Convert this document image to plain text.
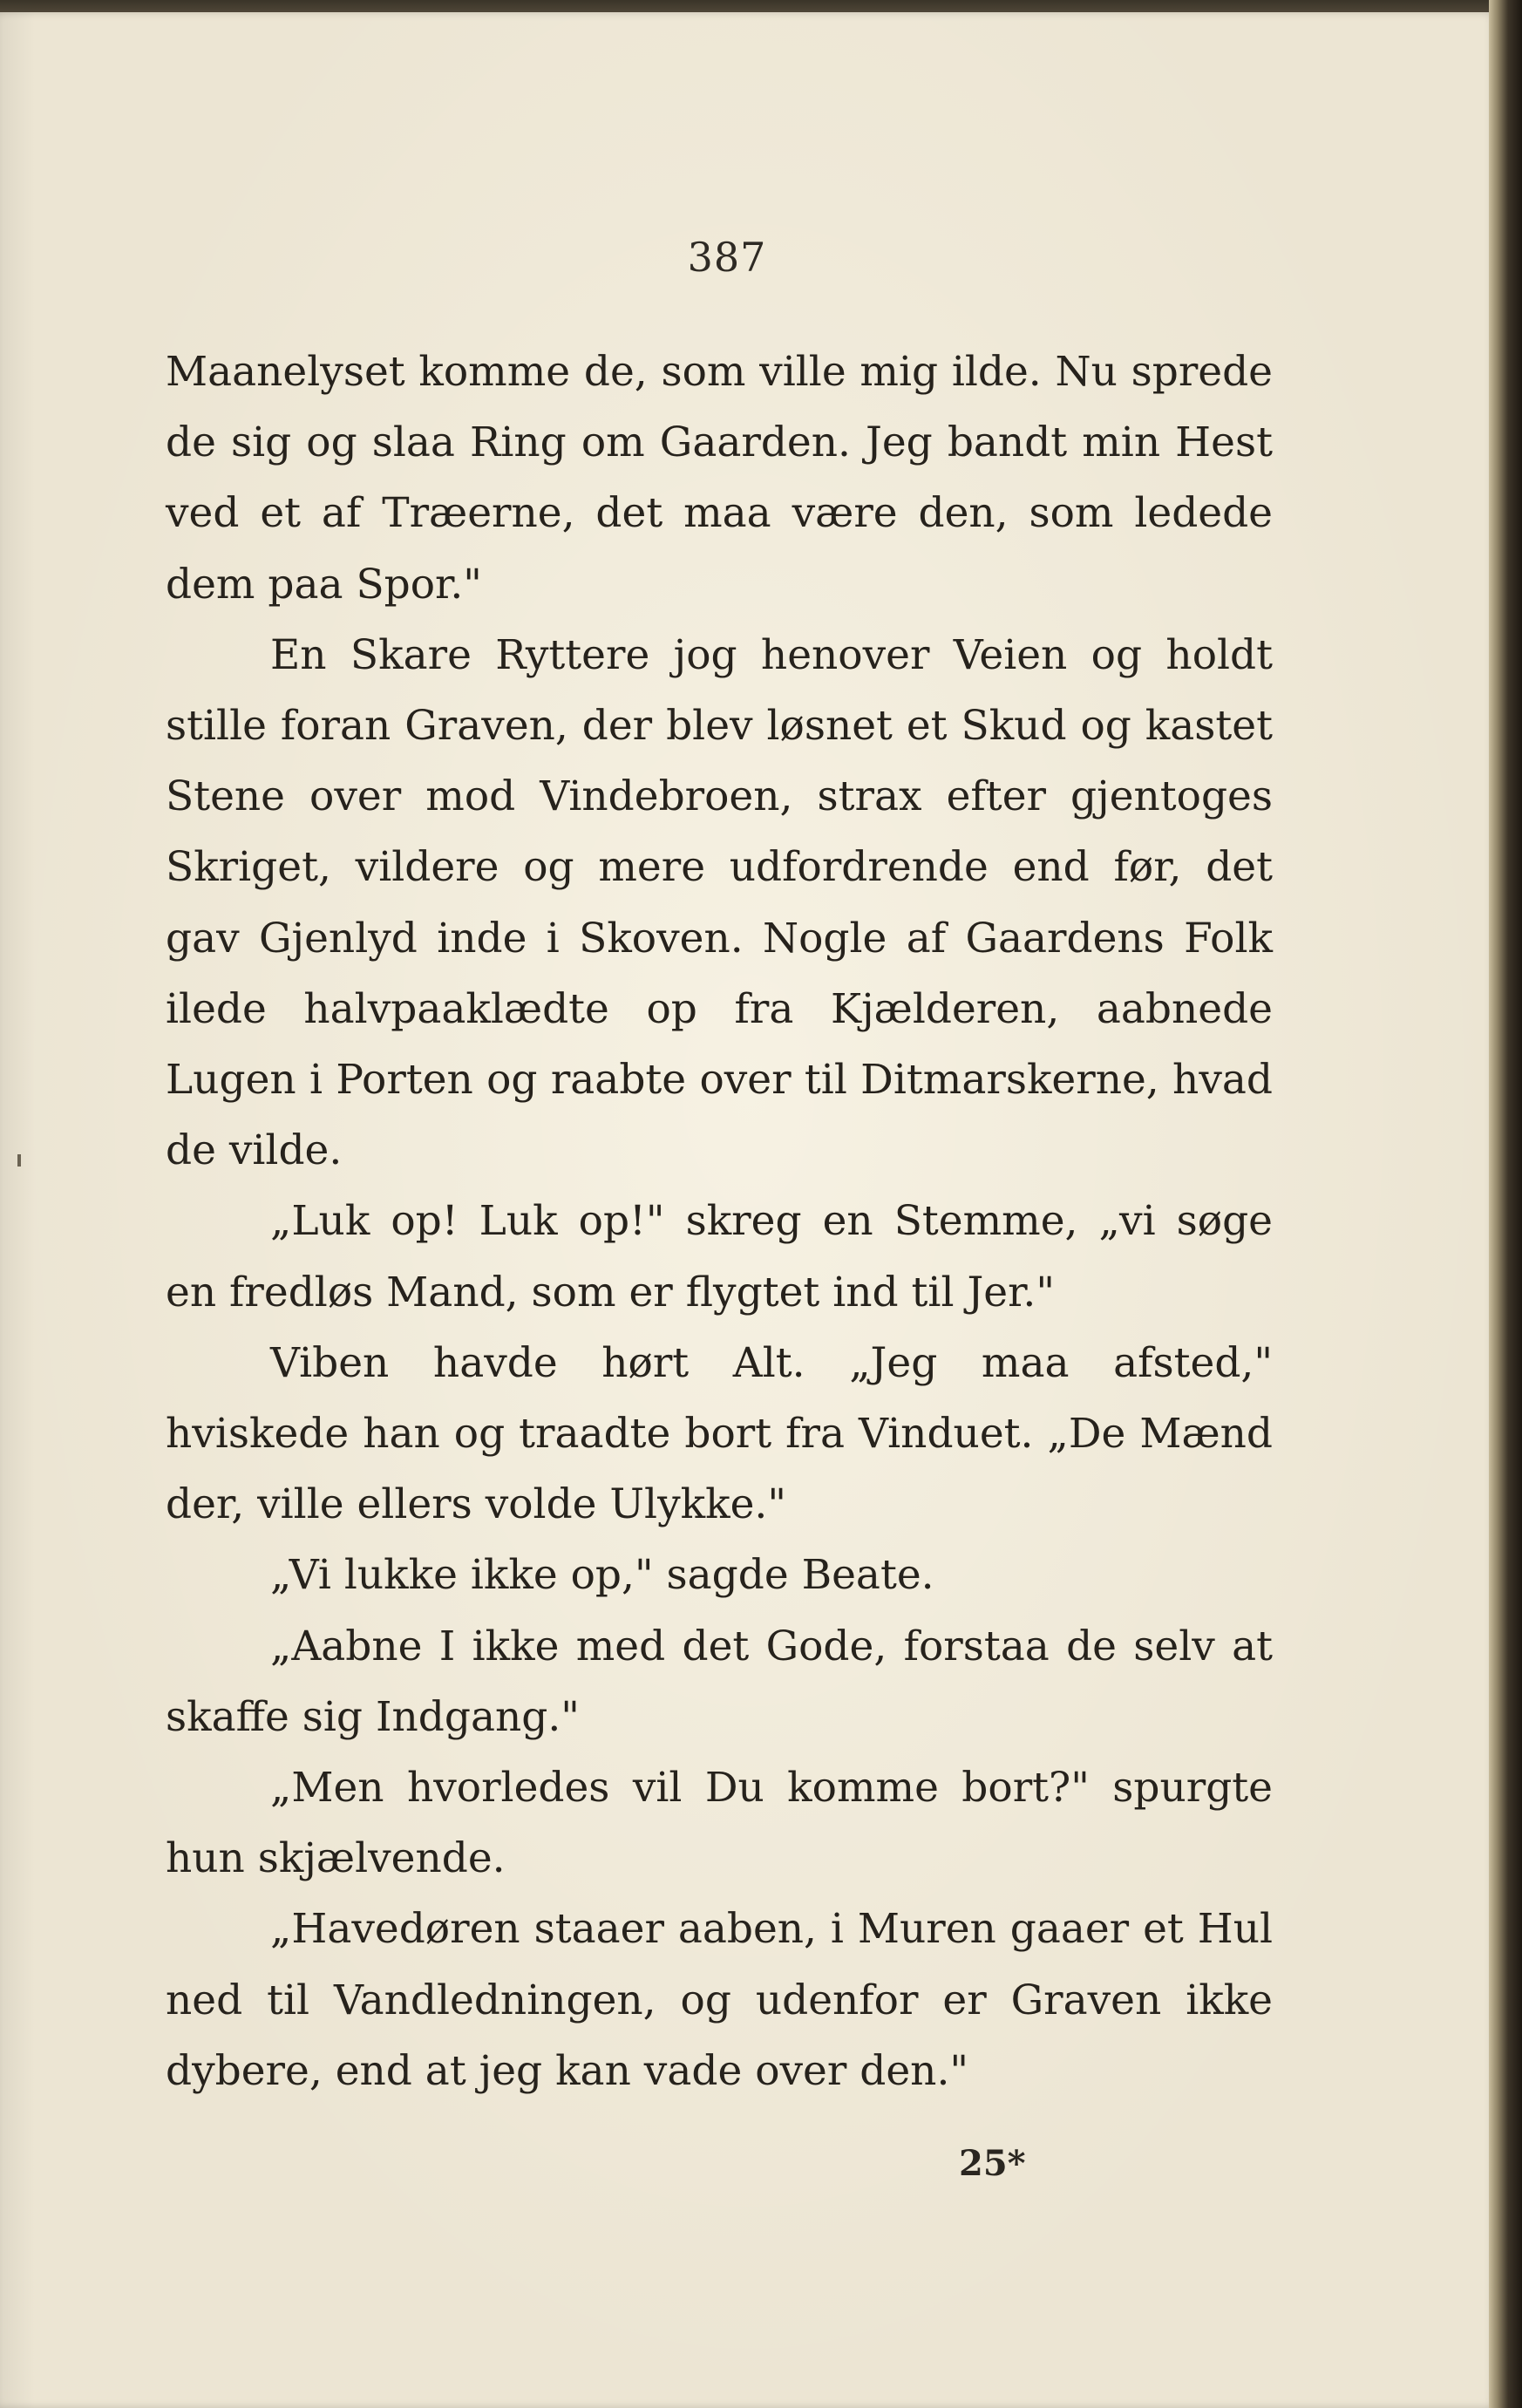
387

Maanelyset komme de, som ville mig ilde. Nu sprede de sig og slaa Ring om Gaarden. Jeg bandt min Hest ved et af Træerne, det maa være den, som ledede dem paa Spor."

En Skare Ryttere jog henover Veien og holdt stille foran Graven, der blev løsnet et Skud og kastet Stene over mod Vindebroen, strax efter gjentoges Skriget, vildere og mere udfordrende end før, det gav Gjenlyd inde i Skoven. Nogle af Gaardens Folk ilede halvpaaklædte op fra Kjælderen, aabnede Lugen i Porten og raabte over til Ditmarskerne, hvad de vilde.

„Luk op! Luk op!" skreg en Stemme, „vi søge en fredløs Mand, som er flygtet ind til Jer."

Viben havde hørt Alt. „Jeg maa afsted," hviskede han og traadte bort fra Vinduet. „De Mænd der, ville ellers volde Ulykke."

„Vi lukke ikke op," sagde Beate.

„Aabne I ikke med det Gode, forstaa de selv at skaffe sig Indgang."

„Men hvorledes vil Du komme bort?" spurgte hun skjælvende.

„Havedøren staaer aaben, i Muren gaaer et Hul ned til Vandledningen, og udenfor er Graven ikke dybere, end at jeg kan vade over den."

25*
